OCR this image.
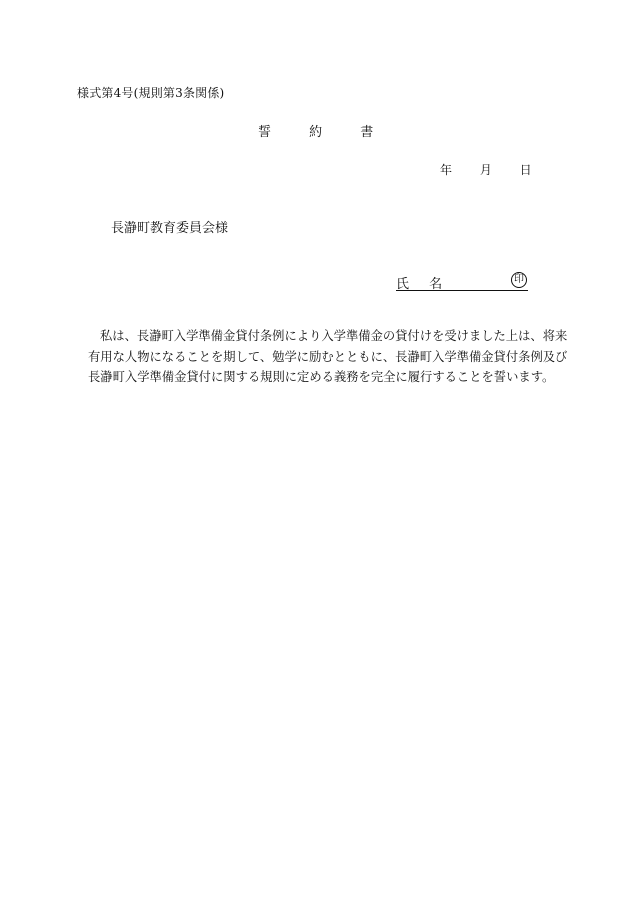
様式第4号(規則第3条関係)
誓	約	書
年 月 日
長瀞町教育委員会様
氏 名	印
私は、長瀞町入学準備金貸付条例により入学準備金の貸付けを受けました上は、将来
有用な人物になることを期して、勉学に励むとともに、長瀞町入学準備金貸付条例及び
長瀞町入学準備金貸付に関する規則に定める義務を完全に履行することを誓います。
